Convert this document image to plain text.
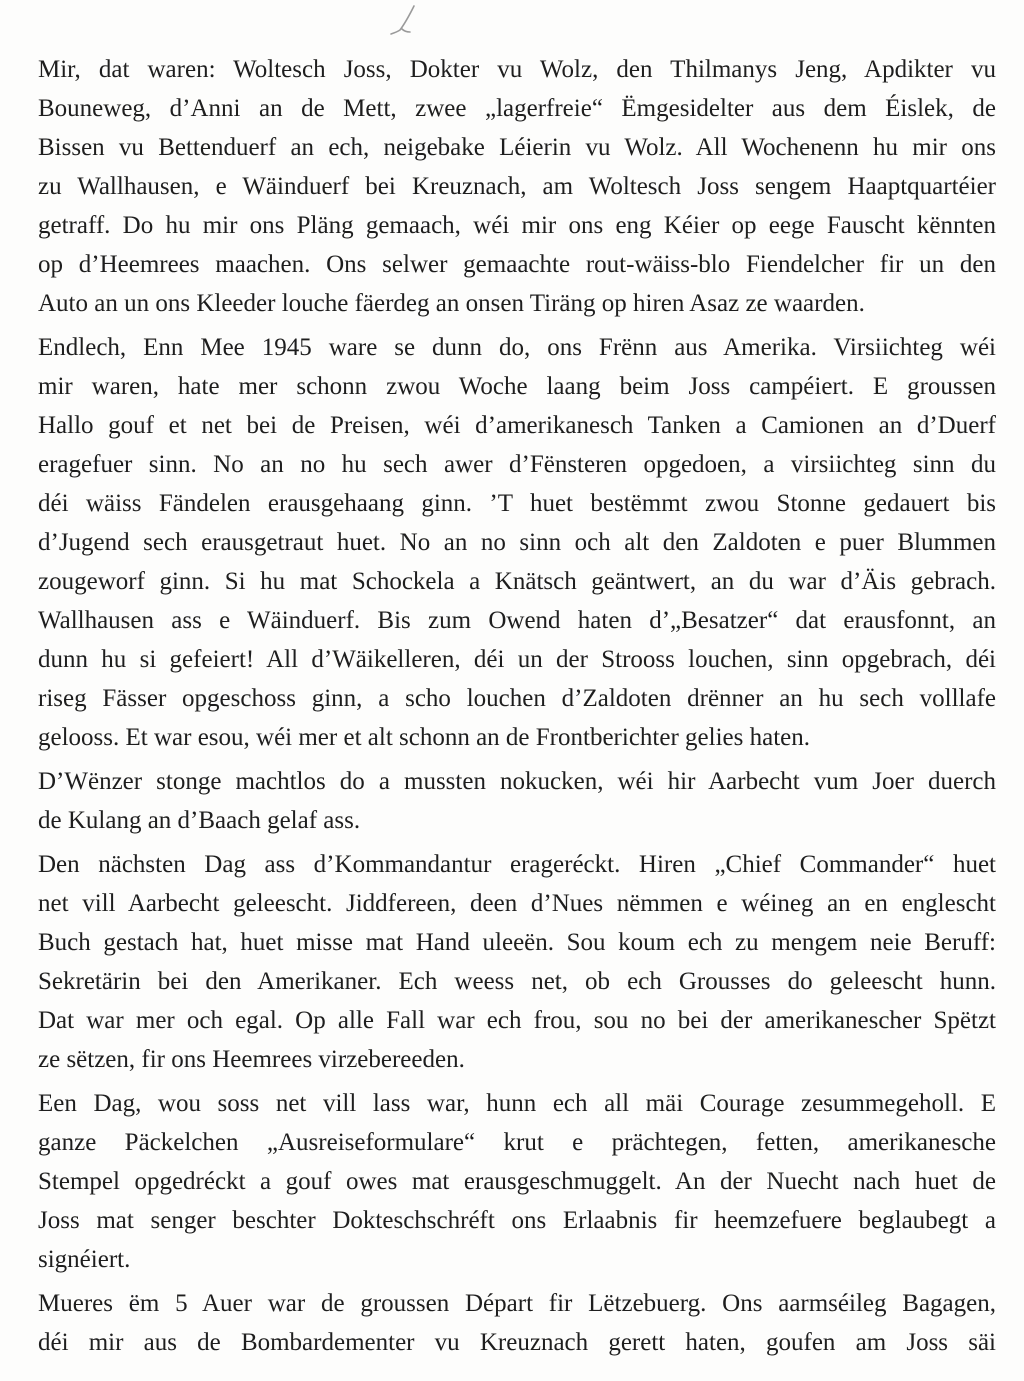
Mir, dat waren: Woltesch Joss, Dokter vu Wolz, den Thilmanys Jeng, Apdikter vu
Bouneweg, d’Anni an de Mett, zwee „lagerfreie“ Ëmgesidelter aus dem Éislek, de
Bissen vu Bettenduerf an ech, neigebake Léierin vu Wolz. All Wochenenn hu mir ons
zu Wallhausen, e Wäinduerf bei Kreuznach, am Woltesch Joss sengem Haaptquartéier
getraff. Do hu mir ons Pläng gemaach, wéi mir ons eng Kéier op eege Fauscht kënnten
op d’Heemrees maachen. Ons selwer gemaachte rout-wäiss-blo Fiendelcher fir un den
Auto an un ons Kleeder louche fäerdeg an onsen Tiräng op hiren Asaz ze waarden.
Endlech, Enn Mee 1945 ware se dunn do, ons Frënn aus Amerika. Virsiichteg wéi
mir waren, hate mer schonn zwou Woche laang beim Joss campéiert. E groussen
Hallo gouf et net bei de Preisen, wéi d’amerikanesch Tanken a Camionen an d’Duerf
eragefuer sinn. No an no hu sech awer d’Fënsteren opgedoen, a virsiichteg sinn du
déi wäiss Fändelen erausgehaang ginn. ’T huet bestëmmt zwou Stonne gedauert bis
d’Jugend sech erausgetraut huet. No an no sinn och alt den Zaldoten e puer Blummen
zougeworf ginn. Si hu mat Schockela a Knätsch geäntwert, an du war d’Äis gebrach.
Wallhausen ass e Wäinduerf. Bis zum Owend haten d’„Besatzer“ dat erausfonnt, an
dunn hu si gefeiert! All d’Wäikelleren, déi un der Strooss louchen, sinn opgebrach, déi
riseg Fässer opgeschoss ginn, a scho louchen d’Zaldoten drënner an hu sech volllafe
gelooss. Et war esou, wéi mer et alt schonn an de Frontberichter gelies haten.
D’Wënzer stonge machtlos do a mussten nokucken, wéi hir Aarbecht vum Joer duerch
de Kulang an d’Baach gelaf ass.
Den nächsten Dag ass d’Kommandantur erageréckt. Hiren „Chief Commander“ huet
net vill Aarbecht geleescht. Jiddfereen, deen d’Nues nëmmen e wéineg an en englescht
Buch gestach hat, huet misse mat Hand uleeën. Sou koum ech zu mengem neie Beruff:
Sekretärin bei den Amerikaner. Ech weess net, ob ech Grousses do geleescht hunn.
Dat war mer och egal. Op alle Fall war ech frou, sou no bei der amerikanescher Spëtzt
ze sëtzen, fir ons Heemrees virzebereeden.
Een Dag, wou soss net vill lass war, hunn ech all mäi Courage zesummegeholl. E
ganze Päckelchen „Ausreiseformulare“ krut e prächtegen, fetten, amerikanesche
Stempel opgedréckt a gouf owes mat erausgeschmuggelt. An der Nuecht nach huet de
Joss mat senger beschter Dokteschschréft ons Erlaabnis fir heemzefuere beglaubegt a
signéiert.
Mueres ëm 5 Auer war de groussen Départ fir Lëtzebuerg. Ons aarmséileg Bagagen,
déi mir aus de Bombardementer vu Kreuznach gerett haten, goufen am Joss säi
